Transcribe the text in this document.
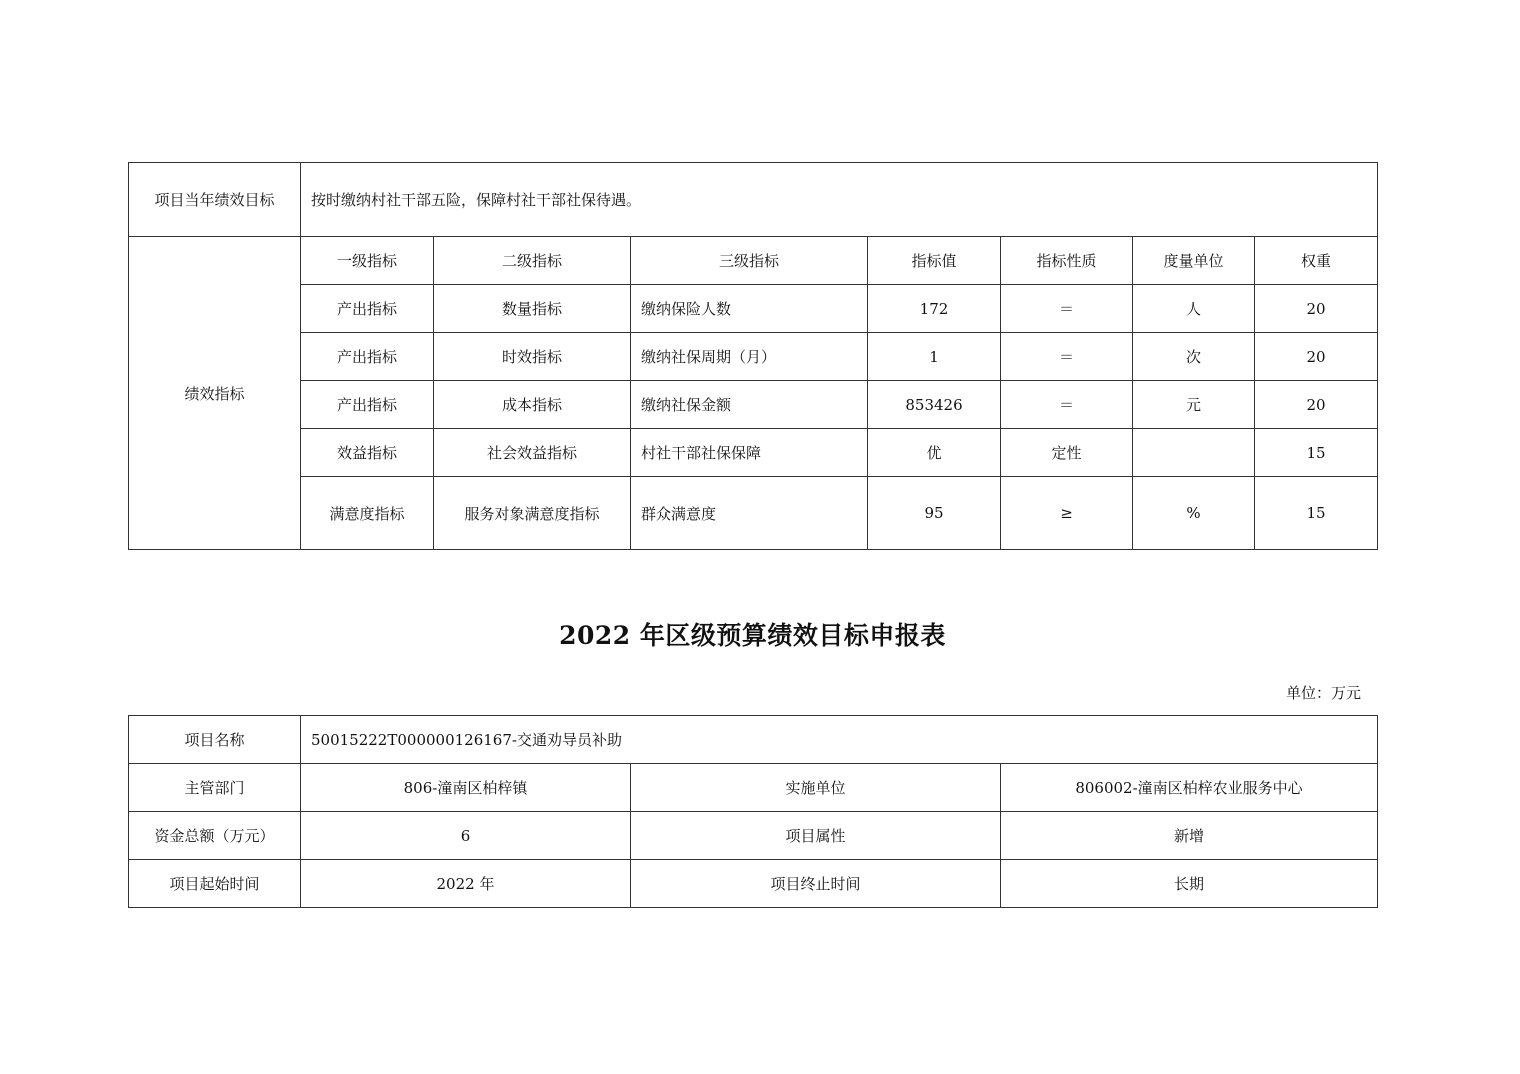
项目当年绩效目标	按时缴纳村社干部五险，保障村社干部社保待遇。						
绩效指标	一级指标	二级指标	三级指标	指标值	指标性质	度量单位	权重
	产出指标	数量指标	缴纳保险人数	172	＝	人	20
	产出指标	时效指标	缴纳社保周期（月）	1	＝	次	20
	产出指标	成本指标	缴纳社保金额	853426	＝	元	20
	效益指标	社会效益指标	村社干部社保保障	优	定性		15
	满意度指标	服务对象满意度指标	群众满意度	95	≥	%	15
2022 年区级预算绩效目标申报表
单位：万元
项目名称	50015222T000000126167-交通劝导员补助		
主管部门	806-潼南区柏梓镇	实施单位	806002-潼南区柏梓农业服务中心
资金总额（万元）	6	项目属性	新增
项目起始时间	2022 年	项目终止时间	长期
